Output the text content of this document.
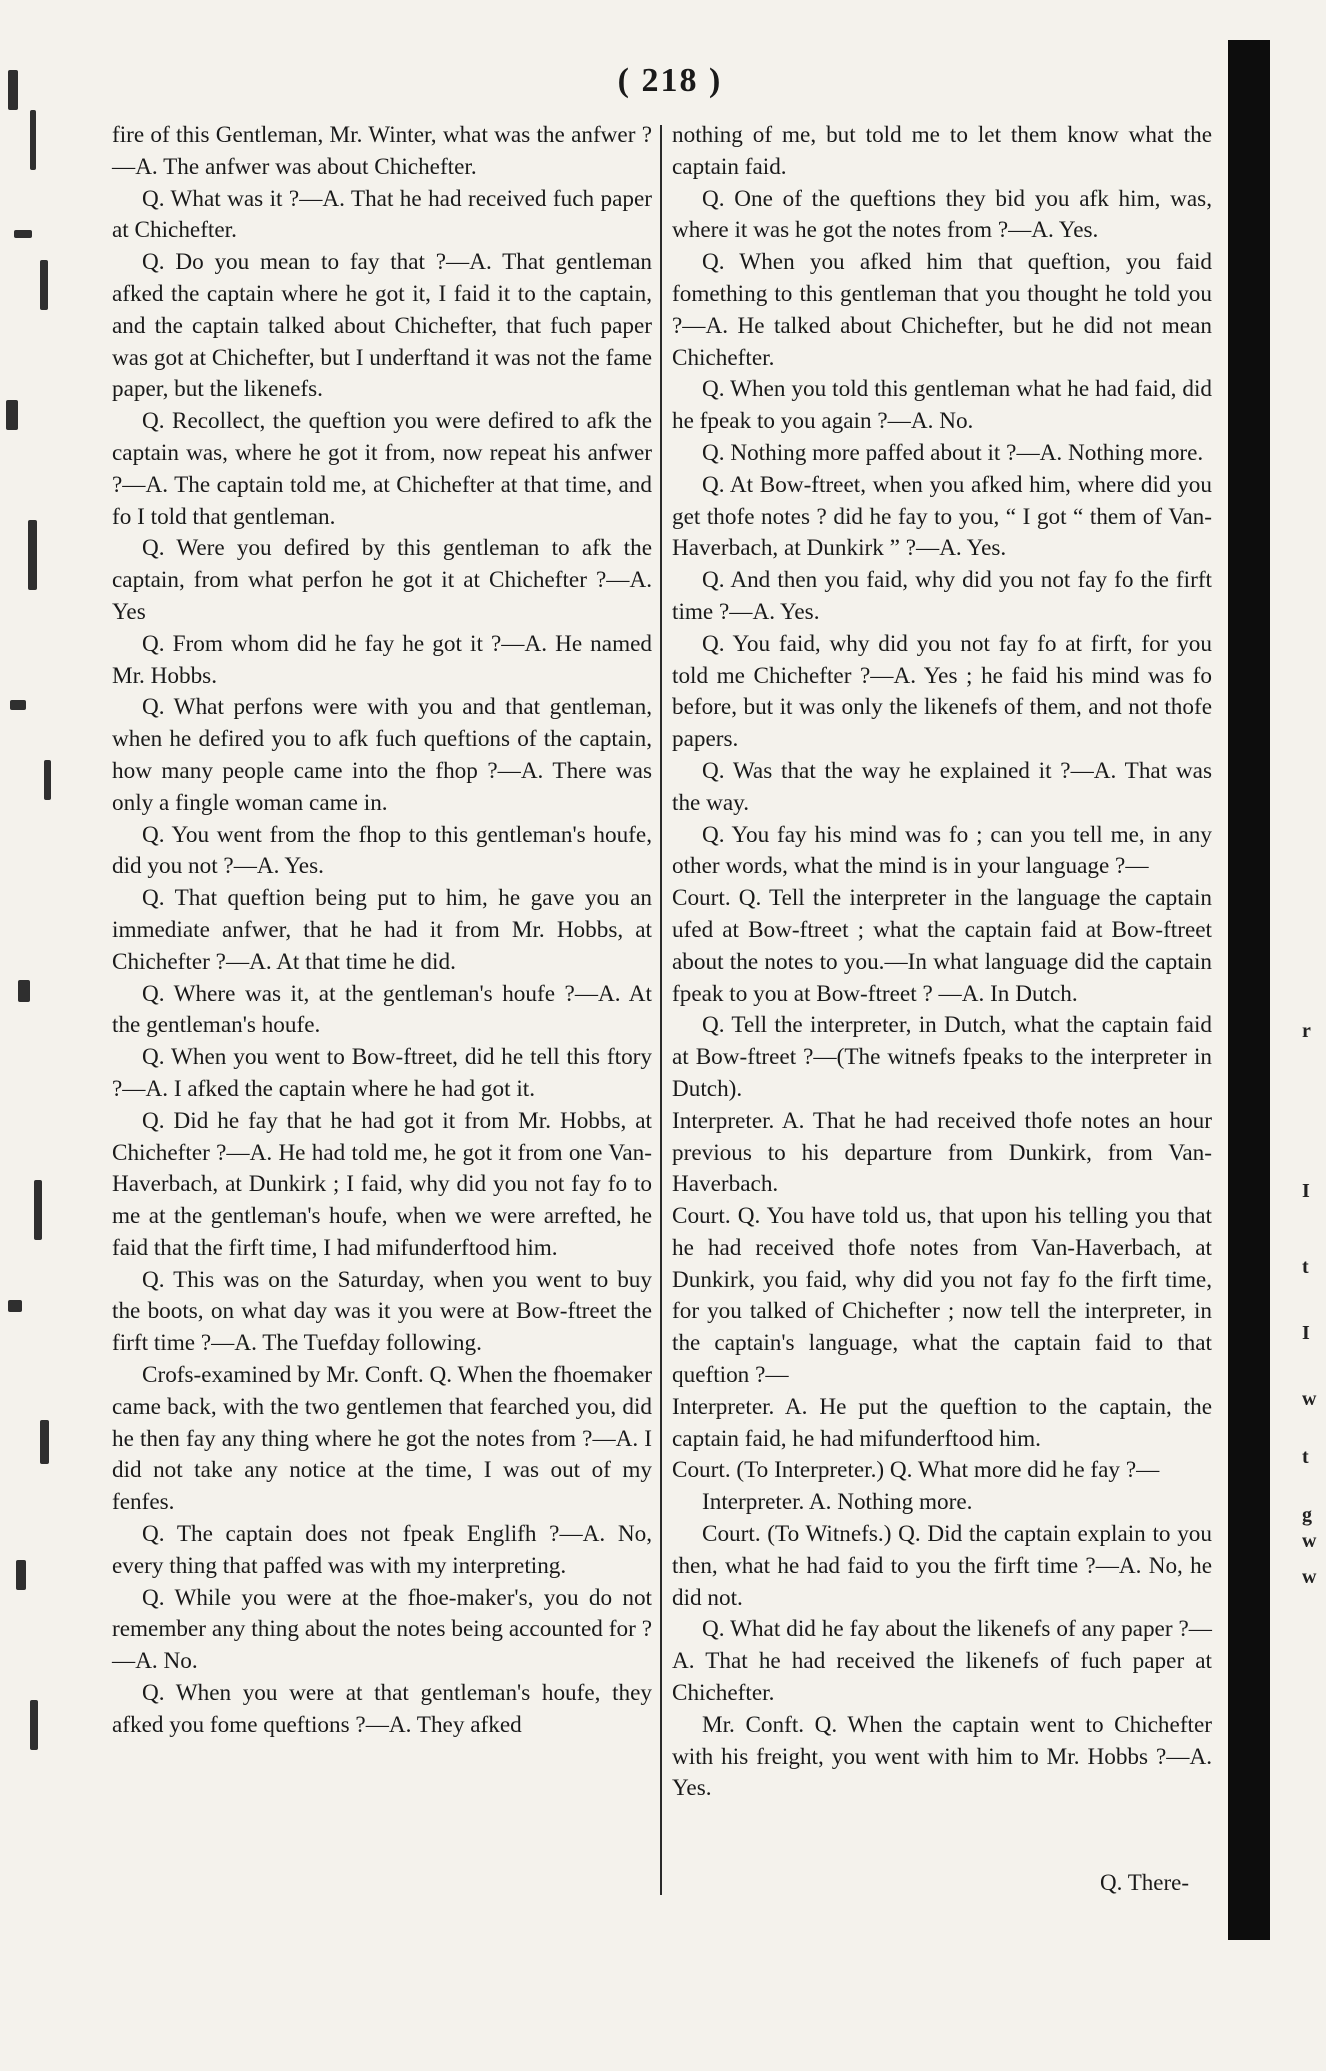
( 218 )

fire of this Gentleman, Mr. Winter, what was the anfwer ?—A. The anfwer was about Chichefter.

Q. What was it ?—A. That he had received fuch paper at Chichefter.

Q. Do you mean to fay that ?—A. That gentleman afked the captain where he got it, I faid it to the captain, and the captain talked about Chichefter, that fuch paper was got at Chichefter, but I underftand it was not the fame paper, but the likenefs.

Q. Recollect, the queftion you were defired to afk the captain was, where he got it from, now repeat his anfwer ?—A. The captain told me, at Chichefter at that time, and fo I told that gentleman.

Q. Were you defired by this gentleman to afk the captain, from what perfon he got it at Chichefter ?—A. Yes

Q. From whom did he fay he got it ?—A. He named Mr. Hobbs.

Q. What perfons were with you and that gentleman, when he defired you to afk fuch queftions of the captain, how many people came into the fhop ?—A. There was only a fingle woman came in.

Q. You went from the fhop to this gentleman's houfe, did you not ?—A. Yes.

Q. That queftion being put to him, he gave you an immediate anfwer, that he had it from Mr. Hobbs, at Chichefter ?—A. At that time he did.

Q. Where was it, at the gentleman's houfe ?—A. At the gentleman's houfe.

Q. When you went to Bow-ftreet, did he tell this ftory ?—A. I afked the captain where he had got it.

Q. Did he fay that he had got it from Mr. Hobbs, at Chichefter ?—A. He had told me, he got it from one Van-Haverbach, at Dunkirk ; I faid, why did you not fay fo to me at the gentleman's houfe, when we were arrefted, he faid that the firft time, I had mifunderftood him.

Q. This was on the Saturday, when you went to buy the boots, on what day was it you were at Bow-ftreet the firft time ?—A. The Tuefday following.

Crofs-examined by Mr. Conft. Q. When the fhoemaker came back, with the two gentlemen that fearched you, did he then fay any thing where he got the notes from ?—A. I did not take any notice at the time, I was out of my fenfes.

Q. The captain does not fpeak Englifh ?—A. No, every thing that paffed was with my interpreting.

Q. While you were at the fhoe-maker's, you do not remember any thing about the notes being accounted for ?—A. No.

Q. When you were at that gentleman's houfe, they afked you fome queftions ?—A. They afked

nothing of me, but told me to let them know what the captain faid.

Q. One of the queftions they bid you afk him, was, where it was he got the notes from ?—A. Yes.

Q. When you afked him that queftion, you faid fomething to this gentleman that you thought he told you ?—A. He talked about Chichefter, but he did not mean Chichefter.

Q. When you told this gentleman what he had faid, did he fpeak to you again ?—A. No.

Q. Nothing more paffed about it ?—A. Nothing more.

Q. At Bow-ftreet, when you afked him, where did you get thofe notes ? did he fay to you, “ I got “ them of Van-Haverbach, at Dunkirk ” ?—A. Yes.

Q. And then you faid, why did you not fay fo the firft time ?—A. Yes.

Q. You faid, why did you not fay fo at firft, for you told me Chichefter ?—A. Yes ; he faid his mind was fo before, but it was only the likenefs of them, and not thofe papers.

Q. Was that the way he explained it ?—A. That was the way.

Q. You fay his mind was fo ; can you tell me, in any other words, what the mind is in your language ?—

Court. Q. Tell the interpreter in the language the captain ufed at Bow-ftreet ; what the captain faid at Bow-ftreet about the notes to you.—In what language did the captain fpeak to you at Bow-ftreet ? —A. In Dutch.

Q. Tell the interpreter, in Dutch, what the captain faid at Bow-ftreet ?—(The witnefs fpeaks to the interpreter in Dutch).

Interpreter. A. That he had received thofe notes an hour previous to his departure from Dunkirk, from Van-Haverbach.

Court. Q. You have told us, that upon his telling you that he had received thofe notes from Van-Haverbach, at Dunkirk, you faid, why did you not fay fo the firft time, for you talked of Chichefter ; now tell the interpreter, in the captain's language, what the captain faid to that queftion ?—

Interpreter. A. He put the queftion to the captain, the captain faid, he had mifunderftood him.

Court. (To Interpreter.) Q. What more did he fay ?—

Interpreter. A. Nothing more.

Court. (To Witnefs.) Q. Did the captain explain to you then, what he had faid to you the firft time ?—A. No, he did not.

Q. What did he fay about the likenefs of any paper ?—A. That he had received the likenefs of fuch paper at Chichefter.

Mr. Conft. Q. When the captain went to Chichefter with his freight, you went with him to Mr. Hobbs ?—A. Yes.

Q. There-
r
I
t
I
w
t
g
w
w
